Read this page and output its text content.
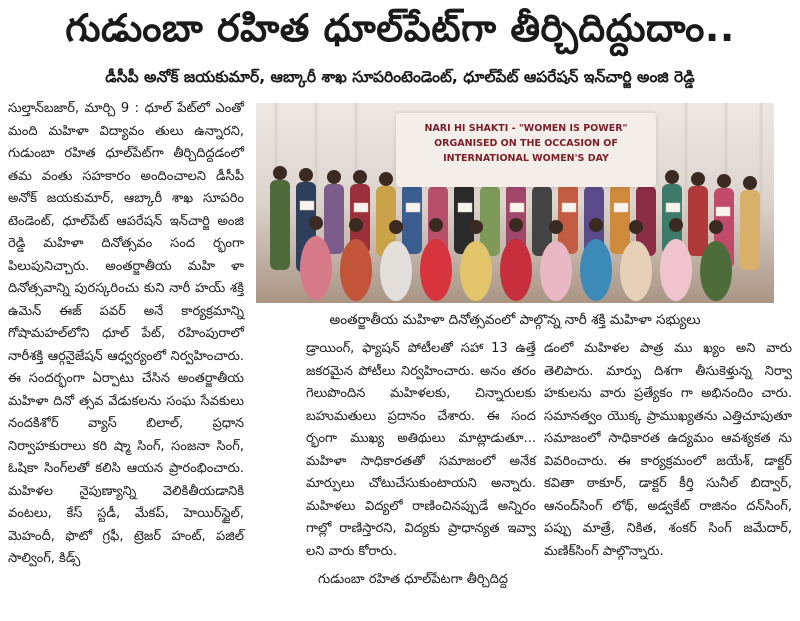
గుడుంబా రహిత ధూల్‌పేట్‌గా తీర్చిదిద్దుదాం..
డీసీపీ అనోక్ జయకుమార్, ఆబ్కారీ శాఖ సూపరింటెండెంట్, ధూల్‌పేట్ ఆపరేషన్ ఇన్‌చార్జి అంజి రెడ్డి

సుల్తాన్‌బజార్, మార్చి 9 : ధూల్ పేట్‌లో ఎంతో మంది మహిళా విద్యావం తులు ఉన్నారని, గుడుంబా రహిత ధూల్‌పేట్‌గా తీర్చిదిద్దడంలో తమ వంతు సహకారం అందించాలని డీసీపీ అనోక్ జయకుమార్, ఆబ్కారీ శాఖ సూపరిం టెండెంట్, ధూల్‌పేట్ ఆపరేషన్ ఇన్‌చార్జి అంజి రెడ్డి మహిళా దినోత్సవం సంద ర్భంగా పిలుపునిచ్చారు. అంతర్జాతీయ మహి ళా దినోత్సవాన్ని పురస్కరించు కుని నారీ హయ్ శక్తి ఉమెన్ ఈజ్ పవర్ అనే కార్యక్రమాన్ని గోషామహల్‌లోని ధూల్ పేట్, రహింపురాలో నారీశక్తి ఆర్గనైజేషన్ ఆధ్వర్యంలో నిర్వహించారు. ఈ సందర్భంగా ఏర్పాటు చేసిన అంతర్జాతీయ మహిళా దినో త్సవ వేడుకలను సంఘ సేవకులు నందకిశోర్ వ్యాస్ బిలాల్, ప్రధాన నిర్వాహకురాలు కరి ష్మా సింగ్, సంజనా సింగ్, ఓషికా సింగ్‌లతో కలిసి ఆయన ప్రారంభించారు. మహిళల నైపుణ్యాన్ని వెలికితీయడానికి వంటలు, కేస్ స్టడీ, మేకప్, హెయిర్‌స్టైల్, మెహందీ, ఫొటో గ్రఫీ, ట్రెజర్ హంట్, పజిల్ సాల్వింగ్, కిడ్స్

NARI HI SHAKTI - "WOMEN IS POWER"
ORGANISED ON THE OCCASION OF
INTERNATIONAL WOMEN'S DAY
అంతర్జాతీయ మహిళా దినోత్సవంలో పాల్గొన్న నారీ శక్తి మహిళా సభ్యులు

డ్రాయింగ్, ఫ్యాషన్ పోటీలతో సహా 13 ఉత్తే జకరమైన పోటీలు నిర్వహించారు. అనం తరం గెలుపొందిన మహిళలకు, చిన్నారులకు బహుమతులు ప్రదానం చేశారు. ఈ సంద ర్భంగా ముఖ్య అతిథులు మాట్లాడుతూ... మహిళా సాధికారతతో సమాజంలో అనేక మార్పులు చోటుచేసుకుంటాయని అన్నారు. మహిళలు విద్యలో రాణించినప్పుడే అన్నిరం గాల్లో రాణిస్తారని, విద్యకు ప్రాధాన్యత ఇవ్వా లని వారు కోరారు.

గుడుంబా రహిత ధూల్‌పేటగా తీర్చిదిద్ద

డంలో మహిళల పాత్ర ము ఖ్యం అని వారు తెలిపారు. మార్పు దిశగా తీసుకెళ్తున్న నిర్వా హకులను వారు ప్రత్యేకం గా అభినందిం చారు. సమానత్వం యొక్క ప్రాముఖ్యతను ఎత్తిచూపుతూ సమాజంలో సాధికారత ఉద్యమం ఆవశ్యకత ను వివరించారు. ఈ కార్యక్రమంలో జయేశ్, డాక్టర్ కవితా ఠాకూర్, డాక్టర్ కీర్తి సునీల్ బిద్వార్, ఆనంద్‌సింగ్ లోథ్, అడ్వకేట్ రాజినం దన్‌సింగ్, పప్పు మాత్రే, నికిత, శంకర్ సింగ్ జమేదార్, మణిక్‌సింగ్ పాల్గొన్నారు.
